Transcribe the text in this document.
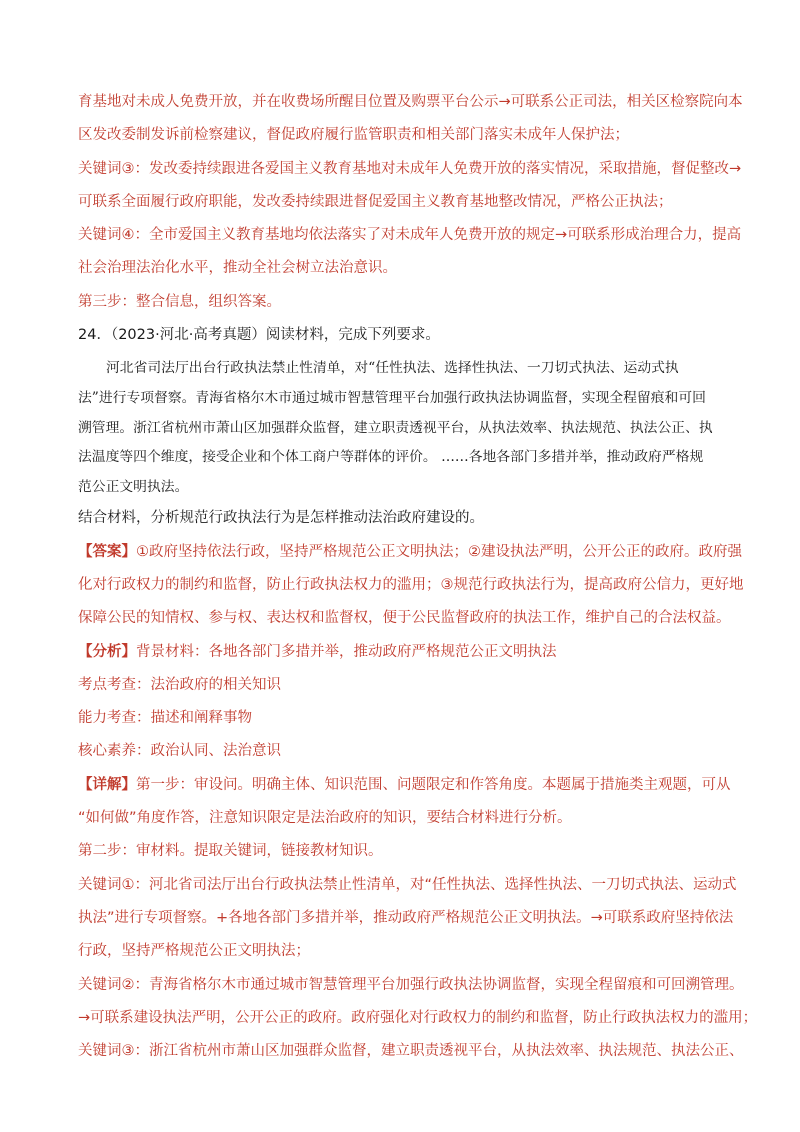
育基地对未成人免费开放，并在收费场所醒目位置及购票平台公示→可联系公正司法，相关区检察院向本
区发改委制发诉前检察建议，督促政府履行监管职责和相关部门落实未成年人保护法；
关键词③：发改委持续跟进各爱国主义教育基地对未成年人免费开放的落实情况，采取措施，督促整改→
可联系全面履行政府职能，发改委持续跟进督促爱国主义教育基地整改情况，严格公正执法；
关键词④：全市爱国主义教育基地均依法落实了对未成年人免费开放的规定→可联系形成治理合力，提高
社会治理法治化水平，推动全社会树立法治意识。
第三步：整合信息，组织答案。
24．（2023·河北·高考真题）阅读材料，完成下列要求。
河北省司法厅出台行政执法禁止性清单，对“任性执法、选择性执法、一刀切式执法、运动式执
法”进行专项督察。青海省格尔木市通过城市智慧管理平台加强行政执法协调监督，实现全程留痕和可回
溯管理。浙江省杭州市萧山区加强群众监督，建立职责透视平台，从执法效率、执法规范、执法公正、执
法温度等四个维度，接受企业和个体工商户等群体的评价。 ……各地各部门多措并举，推动政府严格规
范公正文明执法。
结合材料，分析规范行政执法行为是怎样推动法治政府建设的。
【答案】①政府坚持依法行政，坚持严格规范公正文明执法；②建设执法严明，公开公正的政府。政府强
化对行政权力的制约和监督，防止行政执法权力的滥用；③规范行政执法行为，提高政府公信力，更好地
保障公民的知情权、参与权、表达权和监督权，便于公民监督政府的执法工作，维护自己的合法权益。
【分析】背景材料：各地各部门多措并举，推动政府严格规范公正文明执法
考点考查：法治政府的相关知识
能力考查：描述和阐释事物
核心素养：政治认同、法治意识
【详解】第一步：审设问。明确主体、知识范围、问题限定和作答角度。本题属于措施类主观题，可从
“如何做”角度作答，注意知识限定是法治政府的知识，要结合材料进行分析。
第二步：审材料。提取关键词，链接教材知识。
关键词①：河北省司法厅出台行政执法禁止性清单，对“任性执法、选择性执法、一刀切式执法、运动式
执法”进行专项督察。+各地各部门多措并举，推动政府严格规范公正文明执法。→可联系政府坚持依法
行政，坚持严格规范公正文明执法；
关键词②：青海省格尔木市通过城市智慧管理平台加强行政执法协调监督，实现全程留痕和可回溯管理。
→可联系建设执法严明，公开公正的政府。政府强化对行政权力的制约和监督，防止行政执法权力的滥用；
关键词③：浙江省杭州市萧山区加强群众监督，建立职责透视平台，从执法效率、执法规范、执法公正、
